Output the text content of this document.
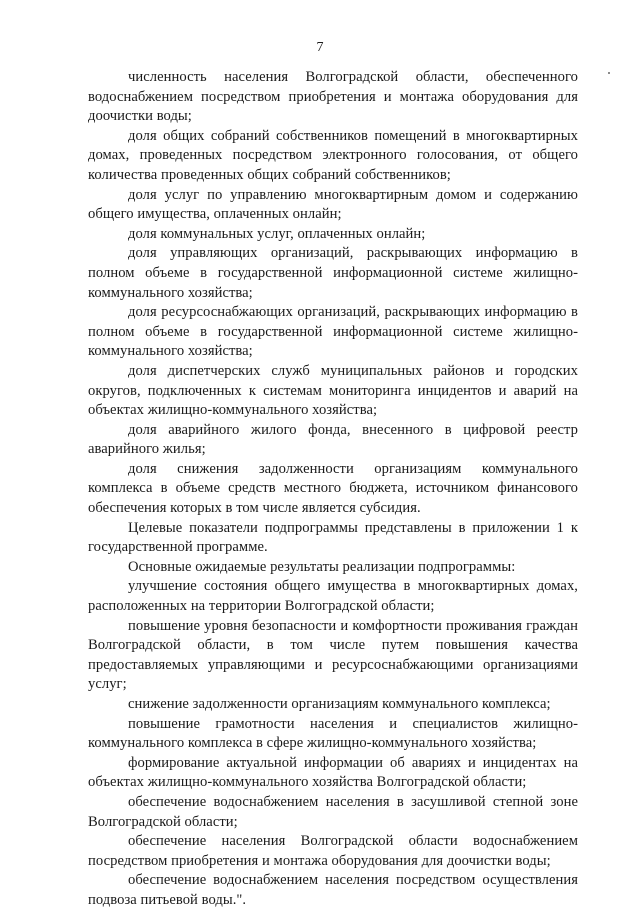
7

численность населения Волгоградской области, обеспеченного водоснабжением посредством приобретения и монтажа оборудования для доочистки воды;

доля общих собраний собственников помещений в многоквартирных домах, проведенных посредством электронного голосования, от общего количества проведенных общих собраний собственников;

доля услуг по управлению многоквартирным домом и содержанию общего имущества, оплаченных онлайн;

доля коммунальных услуг, оплаченных онлайн;

доля управляющих организаций, раскрывающих информацию в полном объеме в государственной информационной системе жилищно-коммунального хозяйства;

доля ресурсоснабжающих организаций, раскрывающих информацию в полном объеме в государственной информационной системе жилищно-коммунального хозяйства;

доля диспетчерских служб муниципальных районов и городских округов, подключенных к системам мониторинга инцидентов и аварий на объектах жилищно-коммунального хозяйства;

доля аварийного жилого фонда, внесенного в цифровой реестр аварийного жилья;

доля снижения задолженности организациям коммунального комплекса в объеме средств местного бюджета, источником финансового обеспечения которых в том числе является субсидия.

Целевые показатели подпрограммы представлены в приложении 1 к государственной программе.

Основные ожидаемые результаты реализации подпрограммы:

улучшение состояния общего имущества в многоквартирных домах, расположенных на территории Волгоградской области;

повышение уровня безопасности и комфортности проживания граждан Волгоградской области, в том числе путем повышения качества предоставляемых управляющими и ресурсоснабжающими организациями услуг;

снижение задолженности организациям коммунального комплекса;

повышение грамотности населения и специалистов жилищно-коммунального комплекса в сфере жилищно-коммунального хозяйства;

формирование актуальной информации об авариях и инцидентах на объектах жилищно-коммунального хозяйства Волгоградской области;

обеспечение водоснабжением населения в засушливой степной зоне Волгоградской области;

обеспечение населения Волгоградской области водоснабжением посредством приобретения и монтажа оборудования для доочистки воды;

обеспечение водоснабжением населения посредством осуществления подвоза питьевой воды.".
